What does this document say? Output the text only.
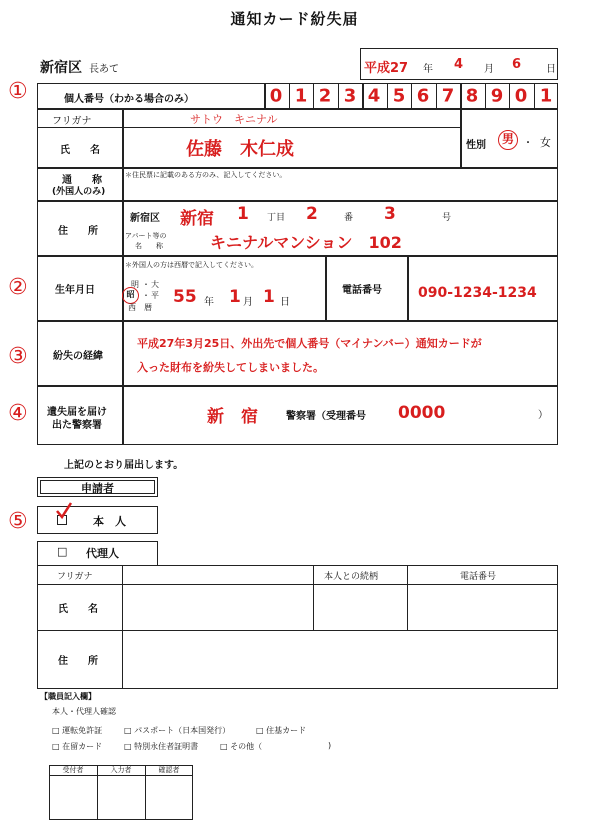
通知カード紛失届
新宿区 長あて	平成27 年 4 月 6 日
①
②
③
④
⑤
個人番号（わかる場合のみ）	0 1 2 3 4 5 6 7 8 9 0 1
フリガナ	サトウ　キニナル
氏　　名	佐藤　木仁成	性別	男 ・ 女
通　　称
(外国人のみ)
＊住民票に記載のある方のみ、記入してください。
住　　所
新宿区 新宿 1 丁目 2	番 3	号
アパート等の
名　　称	キニナルマンション　102
生年月日
＊外国人の方は西暦で記入してください。
明 ・ 大
昭 ・ 平
西　暦
55 年 1 月 1 日
電話番号	090-1234-1234
紛失の経緯
平成27年3月25日、外出先で個人番号（マイナンバー）通知カードが
入った財布を紛失してしまいました。
遺失届を届け
出た警察署	新　宿	警察署（受理番号 0000	）
上記のとおり届出します。
申請者
本　人
□ 代理人
フリガナ	本人との続柄	電話番号
氏　　名
住　　所
【職員記入欄】
本人・代理人確認
□ 運転免許証	□ パスポート（日本国発行）	□ 住基カード
□ 在留カード	□ 特別永住者証明書	□ その他（	)
受付者	入力者	確認者
